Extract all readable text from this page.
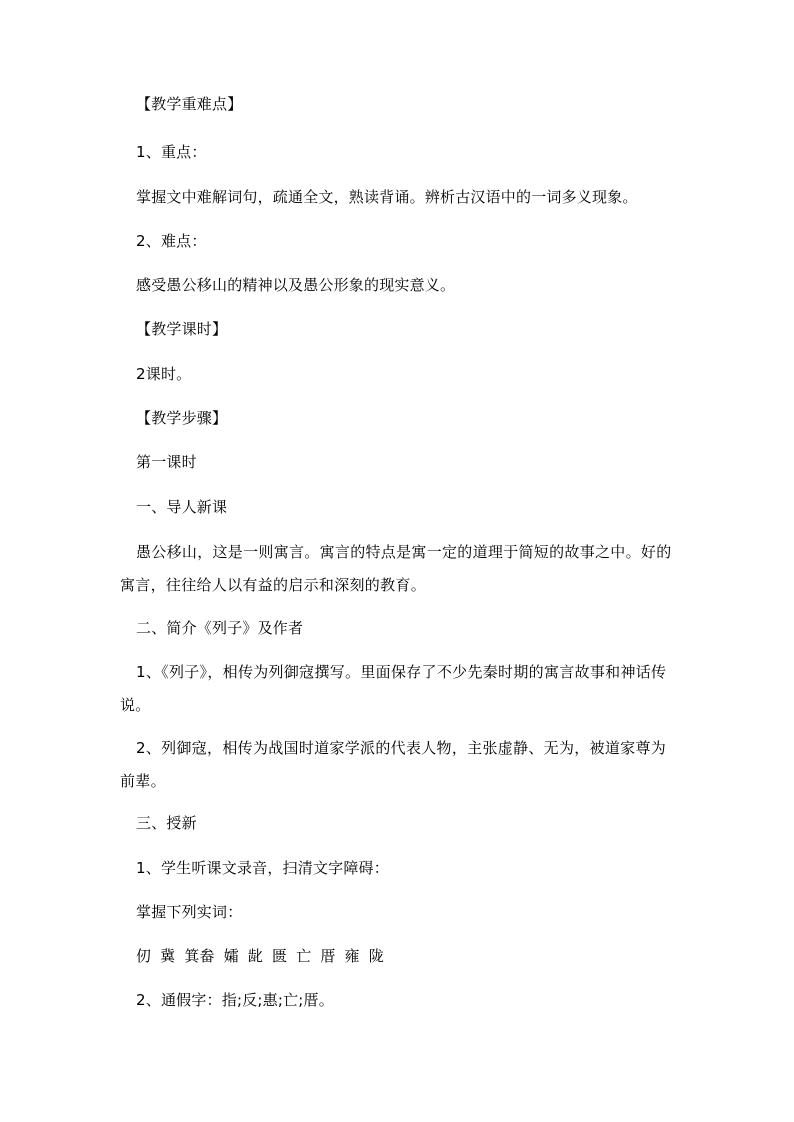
【教学重难点】
1、重点：
掌握文中难解词句，疏通全文，熟读背诵。辨析古汉语中的一词多义现象。
2、难点：
感受愚公移山的精神以及愚公形象的现实意义。
【教学课时】
2课时。
【教学步骤】
第一课时
一、导人新课
愚公移山，这是一则寓言。寓言的特点是寓一定的道理于简短的故事之中。好的寓言，往往给人以有益的启示和深刻的教育。
二、简介《列子》及作者
1、《列子》，相传为列御寇撰写。里面保存了不少先秦时期的寓言故事和神话传说。
2、列御寇，相传为战国时道家学派的代表人物，主张虚静、无为，被道家尊为前辈。
三、授新
1、学生听课文录音，扫清文字障碍：
掌握下列实词：
仞 冀 箕畚 孀 龀 匮 亡 厝 雍 陇
2、通假字：指;反;惠;亡;厝。
